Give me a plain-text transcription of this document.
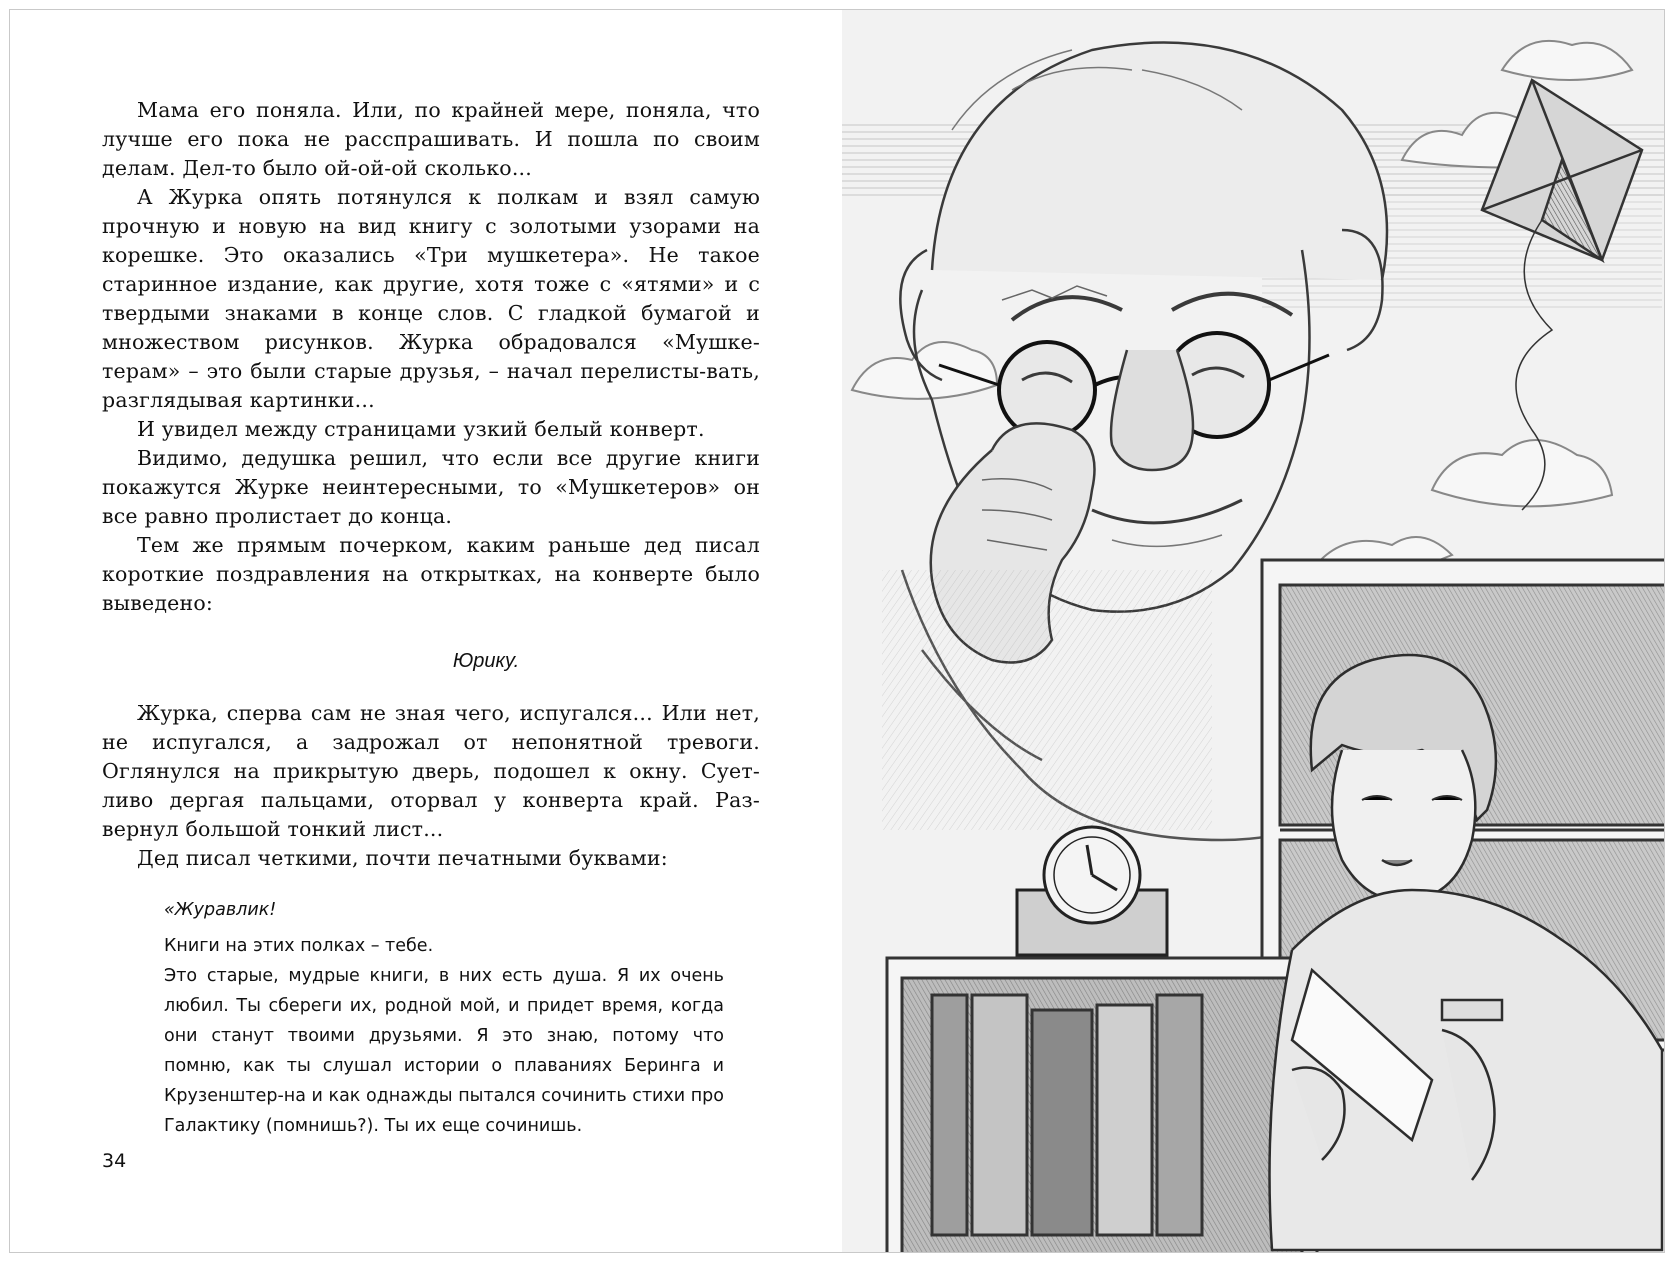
Мама его поняла. Или, по крайней мере, поняла, что лучше его пока не расспрашивать. И пошла по своим делам. Дел-то было ой-ой-ой сколько...

А Журка опять потянулся к полкам и взял самую прочную и новую на вид книгу с золотыми узорами на корешке. Это оказались «Три мушкетера». Не такое старинное издание, как другие, хотя тоже с «ятями» и с твердыми знаками в конце слов. С гладкой бумагой и множеством рисунков. Журка обрадовался «Мушке-терам» – это были старые друзья, – начал перелисты-вать, разглядывая картинки...

И увидел между страницами узкий белый конверт.

Видимо, дедушка решил, что если все другие книги покажутся Журке неинтересными, то «Мушкетеров» он все равно пролистает до конца.

Тем же прямым почерком, каким раньше дед писал короткие поздравления на открытках, на конверте было выведено:

Юрику.

Журка, сперва сам не зная чего, испугался... Или нет, не испугался, а задрожал от непонятной тревоги. Оглянулся на прикрытую дверь, подошел к окну. Сует-ливо дергая пальцами, оторвал у конверта край. Раз-вернул большой тонкий лист...

Дед писал четкими, почти печатными буквами:

«Журавлик!

Книги на этих полках – тебе.

Это старые, мудрые книги, в них есть душа. Я их очень любил. Ты сбереги их, родной мой, и придет время, когда они станут твоими друзьями. Я это знаю, потому что помню, как ты слушал истории о плаваниях Беринга и Крузенштер-на и как однажды пытался сочинить стихи про Галактику (помнишь?). Ты их еще сочинишь.

34
